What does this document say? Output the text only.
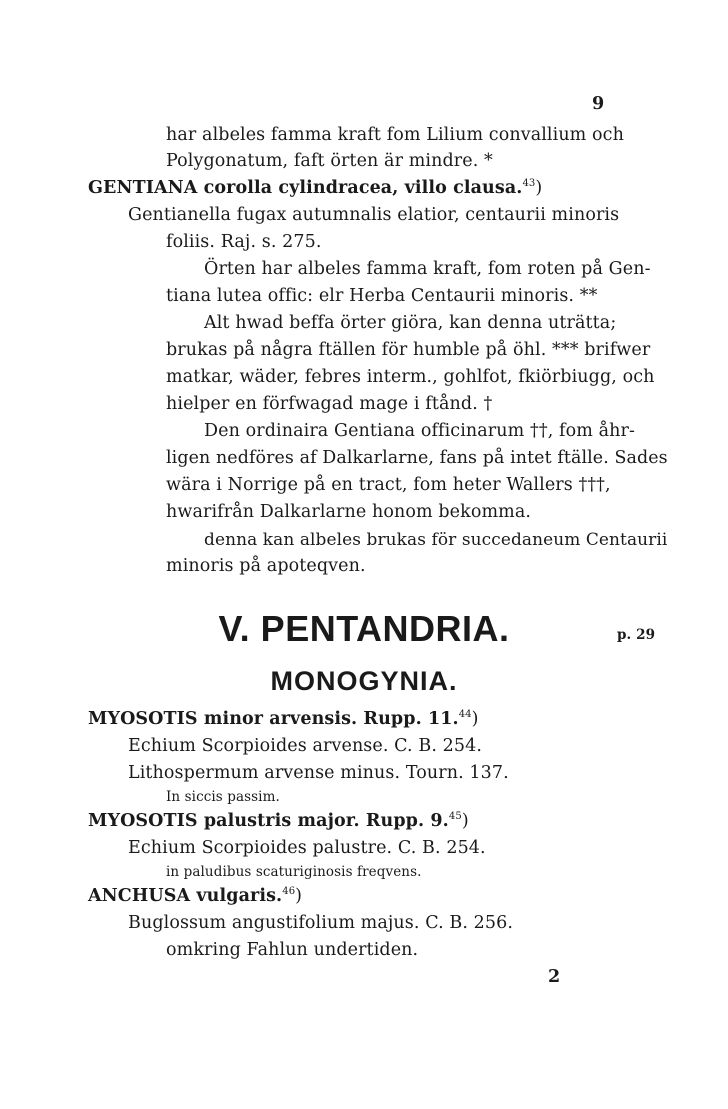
9
har albeles famma kraft fom Lilium convallium och
Polygonatum, faft örten är mindre. *
GENTIANA corolla cylindracea, villo clausa.$^{43}$)
Gentianella fugax autumnalis elatior, centaurii minoris
foliis. Raj. s. 275.
Örten har albeles famma kraft, fom roten på Gen-
tiana lutea offic: elr Herba Centaurii minoris. **
Alt hwad beffa örter giöra, kan denna uträtta;
brukas på några ftällen för humble på öhl. *** brifwer
matkar, wäder, febres interm., gohlfot, fkiörbiugg, och
hielper en förfwagad mage i ftånd. †
Den ordinaira Gentiana officinarum ††, fom åhr-
ligen nedföres af Dalkarlarne, fans på intet ftälle. Sades
wära i Norrige på en tract, fom heter Wallers †††,
hwarifrån Dalkarlarne honom bekomma.
denna kan albeles brukas för succedaneum Centaurii
minoris på apoteqven.
V. PENTANDRIA.	p. 29
MONOGYNIA.
MYOSOTIS minor arvensis. Rupp. 11.44)
Echium Scorpioides arvense. C. B. 254.
Lithospermum arvense minus. Tourn. 137.
In siccis passim.
MYOSOTIS palustris major. Rupp. 9.45)
Echium Scorpioides palustre. C. B. 254.
in paludibus scaturiginosis freqvens.
ANCHUSA vulgaris.$^{46}$)
Buglossum angustifolium majus. C. B. 256.
omkring Fahlun undertiden.
2
